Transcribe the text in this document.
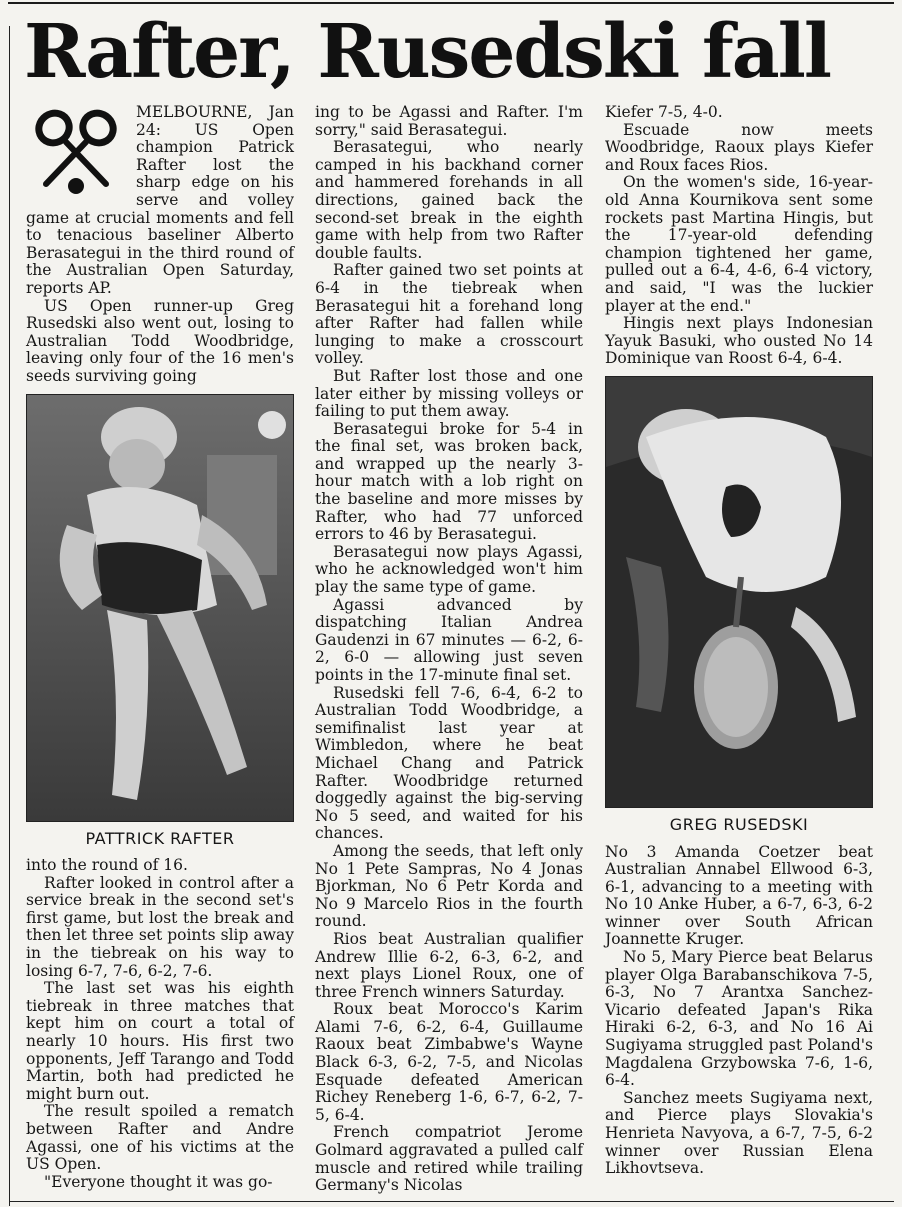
Rafter, Rusedski fall

MELBOURNE, Jan 24: US Open champion Patrick Rafter lost the sharp edge on his serve and volley game at crucial moments and fell to tenacious baseliner Alberto Berasategui in the third round of the Australian Open Saturday, reports AP.

US Open runner-up Greg Rusedski also went out, losing to Australian Todd Woodbridge, leaving only four of the 16 men's seeds surviving going

PATTRICK RAFTER

into the round of 16.

Rafter looked in control after a service break in the second set's first game, but lost the break and then let three set points slip away in the tiebreak on his way to losing 6-7, 7-6, 6-2, 7-6.

The last set was his eighth tiebreak in three matches that kept him on court a total of nearly 10 hours. His first two opponents, Jeff Tarango and Todd Martin, both had predicted he might burn out.

The result spoiled a rematch between Rafter and Andre Agassi, one of his victims at the US Open.

"Everyone thought it was go-

ing to be Agassi and Rafter. I'm sorry," said Berasategui.

Berasategui, who nearly camped in his backhand corner and hammered forehands in all directions, gained back the second-set break in the eighth game with help from two Rafter double faults.

Rafter gained two set points at 6-4 in the tiebreak when Berasategui hit a forehand long after Rafter had fallen while lunging to make a crosscourt volley.

But Rafter lost those and one later either by missing volleys or failing to put them away.

Berasategui broke for 5-4 in the final set, was broken back, and wrapped up the nearly 3-hour match with a lob right on the baseline and more misses by Rafter, who had 77 unforced errors to 46 by Berasategui.

Berasategui now plays Agassi, who he acknowledged won't him play the same type of game.

Agassi advanced by dispatching Italian Andrea Gaudenzi in 67 minutes — 6-2, 6-2, 6-0 — allowing just seven points in the 17-minute final set.

Rusedski fell 7-6, 6-4, 6-2 to Australian Todd Woodbridge, a semifinalist last year at Wimbledon, where he beat Michael Chang and Patrick Rafter. Woodbridge returned doggedly against the big-serving No 5 seed, and waited for his chances.

Among the seeds, that left only No 1 Pete Sampras, No 4 Jonas Bjorkman, No 6 Petr Korda and No 9 Marcelo Rios in the fourth round.

Rios beat Australian qualifier Andrew Illie 6-2, 6-3, 6-2, and next plays Lionel Roux, one of three French winners Saturday.

Roux beat Morocco's Karim Alami 7-6, 6-2, 6-4, Guillaume Raoux beat Zimbabwe's Wayne Black 6-3, 6-2, 7-5, and Nicolas Esquade defeated American Richey Reneberg 1-6, 6-7, 6-2, 7-5, 6-4.

French compatriot Jerome Golmard aggravated a pulled calf muscle and retired while trailing Germany's Nicolas

Kiefer 7-5, 4-0.

Escuade now meets Woodbridge, Raoux plays Kiefer and Roux faces Rios.

On the women's side, 16-year-old Anna Kournikova sent some rockets past Martina Hingis, but the 17-year-old defending champion tightened her game, pulled out a 6-4, 4-6, 6-4 victory, and said, "I was the luckier player at the end."

Hingis next plays Indonesian Yayuk Basuki, who ousted No 14 Dominique van Roost 6-4, 6-4.

GREG RUSEDSKI

No 3 Amanda Coetzer beat Australian Annabel Ellwood 6-3, 6-1, advancing to a meeting with No 10 Anke Huber, a 6-7, 6-3, 6-2 winner over South African Joannette Kruger.

No 5, Mary Pierce beat Belarus player Olga Barabanschikova 7-5, 6-3, No 7 Arantxa Sanchez-Vicario defeated Japan's Rika Hiraki 6-2, 6-3, and No 16 Ai Sugiyama struggled past Poland's Magdalena Grzybowska 7-6, 1-6, 6-4.

Sanchez meets Sugiyama next, and Pierce plays Slovakia's Henrieta Navyova, a 6-7, 7-5, 6-2 winner over Russian Elena Likhovtseva.
